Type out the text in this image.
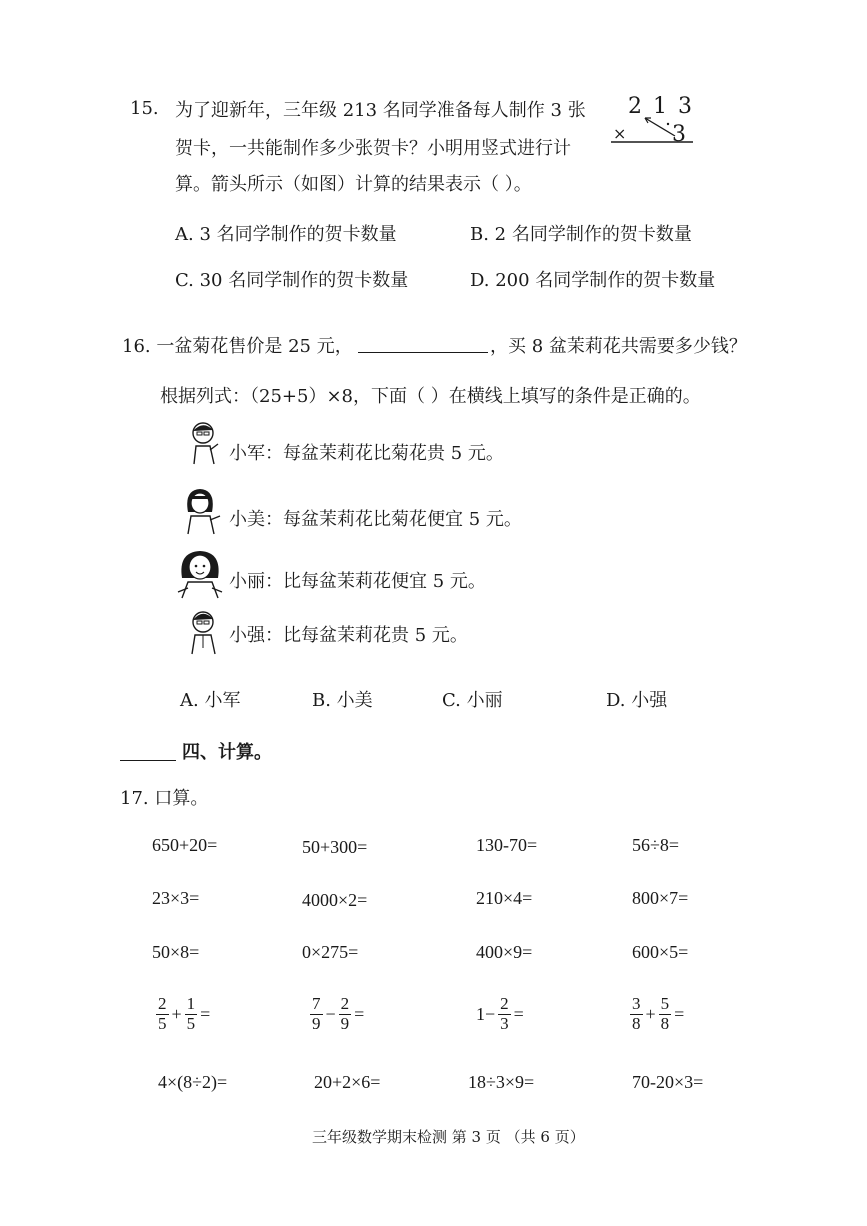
15. 为了迎新年，三年级 213 名同学准备每人制作 3 张
贺卡，一共能制作多少张贺卡？小明用竖式进行计
算。箭头所示（如图）计算的结果表示（ ）。
2 1 3
× 3
A. 3 名同学制作的贺卡数量	B. 2 名同学制作的贺卡数量
C. 30 名同学制作的贺卡数量	D. 200 名同学制作的贺卡数量
16. 一盆菊花售价是 25 元，	，买 8 盆茉莉花共需要多少钱？
根据列式：（25+5）×8，下面（ ）在横线上填写的条件是正确的。
小军：每盆茉莉花比菊花贵 5 元。
小美：每盆茉莉花比菊花便宜 5 元。
小丽：比每盆茉莉花便宜 5 元。
小强：比每盆茉莉花贵 5 元。
A. 小军	B. 小美	C. 小丽	D. 小强
四、计算。
17. 口算。
650+20=	50+300=	130-70=	56÷8=
23×3=	4000×2=	210×4=	800×7=
50×8=	0×275=	400×9=	600×5=
$\frac{2}{5} + \frac{1}{5}$ =	$\frac{7}{9} - \frac{2}{9}$ =	$1- \frac{2}{3}$ =	$\frac{3}{8} + \frac{5}{8}$ =
4×(8÷2)=	20+2×6=	18÷3×9=	70-20×3=
三年级数学期末检测 第 3 页 （共 6 页）
